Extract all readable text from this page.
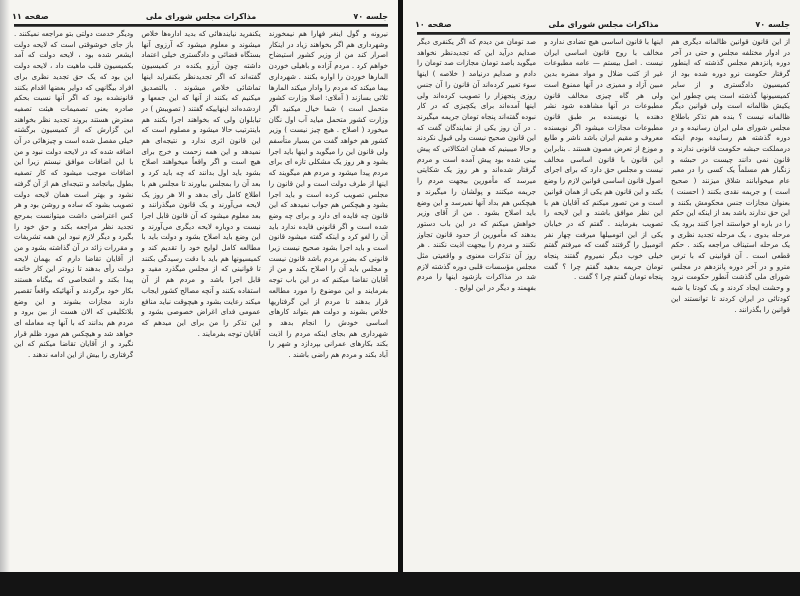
جلسه ۷۰
مذاکرات مجلس شورای ملی
صفحه ۱۱

نیرونه و گول اینغر فهارا هم نیمخورند وشهرداری هم اگر بخواهند زیاد در اینکار اصرار کند من از وزیر کشور استیضاح خواهم کرد . مردم آزاده و باهیلی خوردن المارها خوردن را اواره بکنند . شهرداری بیما میکند که مردم را وادار میکند المارها ثلاثی بسازند ( آملای: اصلا وزارت کشور متحمل است ) شما خیال میکنید اگر وزارت کشور متحمل میاید آب اول نگان میخورد ( اصلاح . هیچ چیز نیست ) وزیر کشور هم خواهد گفت من بسیار متأسفم ولی قانون این را میگوید و اینها باید اجرا بشود و هر روز یک مشکلی تازه ای برای مردم پیدا میشود و مردم هم میگویند که اینها از طرف دولت است و این قانون را مجلس تصویب کرده است و باید اجرا بشود و هیچکس هم جواب نمیدهد که این قانون چه فایده ای دارد و برای چه وضع شده است و اگر قانونی فایده ندارد باید آن را لغو کرد و اینکه گفته میشود قانون است و باید اجرا بشود صحیح نیست زیرا قانونی که بضرر مردم باشد قانون نیست و مجلس باید آن را اصلاح بکند و من از آقایان تقاضا میکنم که در این باب توجه بفرمایند و این موضوع را مورد مطالعه قرار بدهند تا مردم از این گرفتاریها خلاص بشوند و دولت هم بتواند کارهای اساسی خودش را انجام بدهد و شهرداری هم بجای اینکه مردم را اذیت بکند بکارهای عمرانی بپردازد و شهر را آباد بکند و مردم هم راضی باشند .

یکنفرید نیایندهائی که بدید اداره‌ها خلاص میشوند و معلوم میشود که آرزوی آنها بستگاه قضائی و دادگستری خیلی اعتماد داشته چون آرزو یکنده در کمیسیون گفته‌اند که اگر تجدیدنظر بکنفراید اینها تماشائی خلاص میشوند . بالتصدیق میکنیم که بکنند از آنها که این جمعها و اردشده‌اند اینهاییکه گفتند ( تصویبش ) در تیابلوان ولی که بخواهند اجرا بکنند هم باینترتیب حالا میشود و مصلوم است که این قانون اثری ندارد و نتیجه‌ای هم نمیدهد و این همه زحمت و خرج برای هیچ است و اگر واقعاً میخواهند اصلاح بشود باید اول بدانند که چه باید کرد و بعد آن را بمجلس بیاورند تا مجلس هم با اطلاع کامل رأی بدهد و الا هر روز یک لایحه می‌آورند و یک قانون میگذرانند و بعد معلوم میشود که آن قانون قابل اجرا نیست و دوباره لایحه دیگری می‌آورند و این وضع باید اصلاح بشود و دولت باید با مطالعه کامل لوایح خود را تقدیم کند و کمیسیونها هم باید با دقت رسیدگی بکنند تا قوانینی که از مجلس میگذرد مفید و قابل اجرا باشد و مردم هم از آن استفاده بکنند و آنچه مصالح کشور ایجاب میکند رعایت بشود و هیچوقت نباید منافع عمومی فدای اغراض خصوصی بشود و این تذکر را من برای این میدهم که آقایان توجه بفرمایند .

ودیگر خدمت دولتی بتو مراجعه نمیکنند . باز جای خوشوقتی است که لایحه دولت ایشعر شده بود ، لایحه دولت که آمد بکمیسیون قلب ماهیت داد ، لایحه دولت این بود که یک حق تجدید نظری برای افراد بیگانهی که دوایر بعضها اقدام بکنند قانونشده بود که اگر آنها نسبت بحکم صادره یعنی تصمیمات هیئت تصفیه معترض هستند بروند تجدید نظر بخواهند این گزارش که از کمیسیون برگشته خیلی مفصل شده است و چیزهائی در آن اضافه شده که در لایحه دولت نبود و من با این اضافات موافق نیستم زیرا این اضافات موجب میشود که کار تصفیه بطول بیانجامد و نتیجه‌ای هم از آن گرفته نشود و بهتر است همان لایحه دولت تصویب بشود که ساده و روشن بود و هر کس اعتراضی داشت میتوانست بمرجع تجدید نظر مراجعه بکند و حق خود را بگیرد و دیگر لازم نبود این همه تشریفات و مقررات زائد در آن گذاشته بشود و من از آقایان تقاضا دارم که بهمان لایحه دولت رأی بدهند تا زودتر این کار خاتمه پیدا بکند و اشخاصی که بیگناه هستند بکار خود برگردند و آنهائیکه واقعاً تقصیر دارند مجازات بشوند و این وضع بلاتکلیفی که الان هست از بین برود و مردم هم بدانند که با آنها چه معامله ای خواهد شد و هیچکس هم مورد ظلم قرار نگیرد و از آقایان تقاضا میکنم که این گرفتاری را بیش از این ادامه ندهند .

جلسه ۷۰
مذاکرات مجلس شورای ملی
صفحه ۱۰

از این قانون قوانین ظالمانه دیگری هم در ادوار مختلفه مجلس و حتی در آخر دوره پانزدهم مجلس گذشته که اینطور گرفتار حکومت نرو دوره شده بود از کمیسیون دادگستری و از سایر کمیسیونها گذشته است پس چطور این یکیش ظالمانه است ولی قوانین دیگر ظالمانه نیست ؟ بنده هم تذکر باطلاع مجلس شورای ملی ایران رسانیده و در دوره گذشته هم رسانیده بودم اینکه درمملکت حبشه حکومت قانونی ندارند و قانون نمی دانند چیست در حبشه و زنگبار هم مسلماً یک کسی را در معبر عام میخوابانند شلاق میزنند ( صحیح است ) و جریمه نقدی بکنند ( احسنت ) بعنوان مجازات جنس محکومش بکنند و این حق ندارند باشد بعد از اینکه این حکم را در باره او خواستند اجرا کنند برود یک مرحله بدوی ، یک مرحله تجدید نظری و یک مرحله استیناف مراجعه بکند . حکم قطعی است . آن قوانینی که با ترس مترو و در آخر دوره پانزدهم در مجلس شورای ملی گذشت آنطور حکومت نرود و وحشت ایجاد کردند و یک کودتا یا شبه کودتائی در ایران کردند تا توانستند این قوانین را بگذرانند .

اینها با قانون اساسی هیچ تضادی ندارد و مخالف با روح قانون اساسی ایران نیست . اصل بیستم — عامه مطبوعات غیر از کتب ضلال و مواد مضره بدین مبین آزاد و ممیزی در آنها ممنوع است ولی هر گاه چیزی مخالف قانون مطبوعات در آنها مشاهده شود نشر دهنده یا نویسنده بر طبق قانون مطبوعات مجازات میشود اگر نویسنده معروف و مقیم ایران باشد ناشر و طابع و موزع از تعرض مصون هستند . بنابراین این قانون با قانون اساسی مخالف نیست و مجلس حق دارد که برای اجرای اصول قانون اساسی قوانین لازم را وضع بکند و این قانون هم یکی از همان قوانین است و من تصور میکنم که آقایان هم با این نظر موافق باشند و این لایحه را تصویب بفرمایند . گفتم که در خیابان یکی از این اتومبیلها میرفت چهار نفر اتومبیل را گرفتند گفت که میرفتم گفتم خیلی خوب دیگر نمیروم گفتند پنجاه تومان جریمه بدهید گفتم چرا ؟ گفت پنجاه تومان گفتم چرا ؟ گفت .

صد تومان من دیدم که اگر یکنفری دیگر صدایم درآید این که تجدیدنظر نخواهد میگوید باصد تومان مجازات صد تومان را دادم و صدایم درنیامد ( خلاصه ) اینها سوء تعبیر کرده‌اند آن قانون را آن جنس روزی پنجهزار را تصویب کرده‌اند ولی اینها آمده‌اند برای یکچیزی که در کار نبوده گفته‌اند پنجاه تومان جریمه میگیرند . در آن روز یکی از نمایندگان گفت که این قانون صحیح نیست ولی قبول نکردند و حالا میبینیم که همان اشکالاتی که پیش بینی شده بود پیش آمده است و مردم گرفتار شده‌اند و هر روز یک شکایتی میرسد که مأمورین بیجهت مردم را جریمه میکنند و پولشان را میگیرند و هیچکس هم بداد آنها نمیرسد و این وضع باید اصلاح بشود . من از آقای وزیر خواهش میکنم که در این باب دستور بدهند که مأمورین از حدود قانون تجاوز نکنند و مردم را بیجهت اذیت نکنند . هر روز آن تذکرات معنوی و واقعیتی مثل مجلس مؤسسات قلبی دوره گذشته لازم شد در مذاکرات بازشود اینها را مردم بفهمند و دیگر در این لوایح .
